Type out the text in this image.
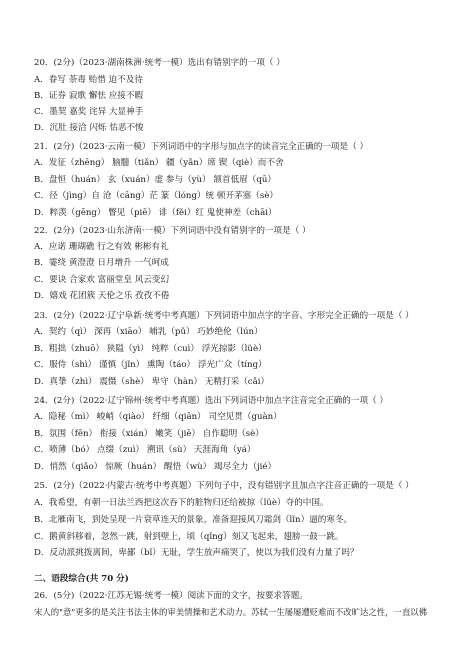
20．(2分)（2023·湖南株洲·统考一模）选出有错别字的一项（ ）
A．眷写 荼毒 贻惜 迫不及待
B．证券 寂歌 懈怯 应接不暇
C．墨契 嘉奖 诧异 大显神手
D．沉肚 接洽 闪烁 怙恶不悛
21．(2分)（2023·云南一模）下列词语中的字形与加点字的读音完全正确的一项是（ ）
A．发征（zhēng） 脑髓（tiǎn） 疆（yǎn）席 锲（qiè）而不舍
B．盘恒（huán） 玄（xuán）虚 参与（yù） 颔首低眉（qū）
C．径（jìng）自 沧（cāng）茫 篆（lóng）统 顿开茅塞（sè）
D．粹羡（gēng） 瞥见（piē） 诽（fěi）红 鬼使神差（chāi）
22．(2分)（2023·山东济南·一模）下列词语中没有错别字的一项是（ ）
A．应诺 珊瑚礁 行之有效 彬彬有礼
B．霎绕 黄澄澄 日月增升 一气呵成
C．要诀 合家欢 富丽堂皇 风云变幻
D．嬉戏 花团簇 天伦之乐 孜孜不倦
23．(2分)（2022·辽宁阜新·统考中考真题）下列词语中加点字的字音、字形完全正确的一项是（ ）
A．契约（qì） 深再（xiāo） 哺乳（pǔ） 巧妙绝伦（lún）
B．粗拙（zhuō） 狭隘（yì） 纯粹（cuì） 浮光掠影（lüè）
C．服侍（shì） 谨慎（jǐn） 熏陶（táo） 浮光广众（tíng）
D．真挚（zhì） 震慑（shè） 卑守（hàn） 无精打采（cǎi）
24．(2分)（2022·辽宁锦州·统考中考真题）选出下列词语中加点字注音完全正确的一项（ ）
A．隐秘（mì） 峻峭（qiào） 纤细（qiān） 司空见贯（guàn）
B．氛围（fēn） 衔接（xián） 嫩笑（jiē） 自作聪明（sè）
C．喷薄（bó） 点缀（zuì） 溯讯（sù） 天涯海角（yá）
D．悄然（qiǎo） 惊厥（huán） 醒悟（wù） 竭尽全力（jié）
25．(2分)（2022·内蒙古·统考中考真题）下列句子中，没有错别字且加点字注音正确的一项是（ ）
A．我希望，有朝一日法兰西把这次吞下的脏物归还给被掠（lüè）夺的中国。
B．北雁南飞，到处呈现一片衰草连天的景象，准备迎接风刀霜剑（lǐn）逼的寒冬。
C．鹅黄斜移着，忽然一跳，射到壁上，顷（qǐng）刻又飞起来，翅膀一鼓一跳。
D．反动派挑拨离间，卑鄙（bǐ）无耻，学生放声痛哭了，使以为我们没有力量了吗？
二、语段综合(共 70 分)
26．(5分)（2022·江苏无锡·统考一模）阅读下面的文字，按要求答题。
宋人的"意"更多的是关注书法主体的审美情操和艺术动力。苏轼一生屡屡遭贬难而不改旷达之性，一直以佛
